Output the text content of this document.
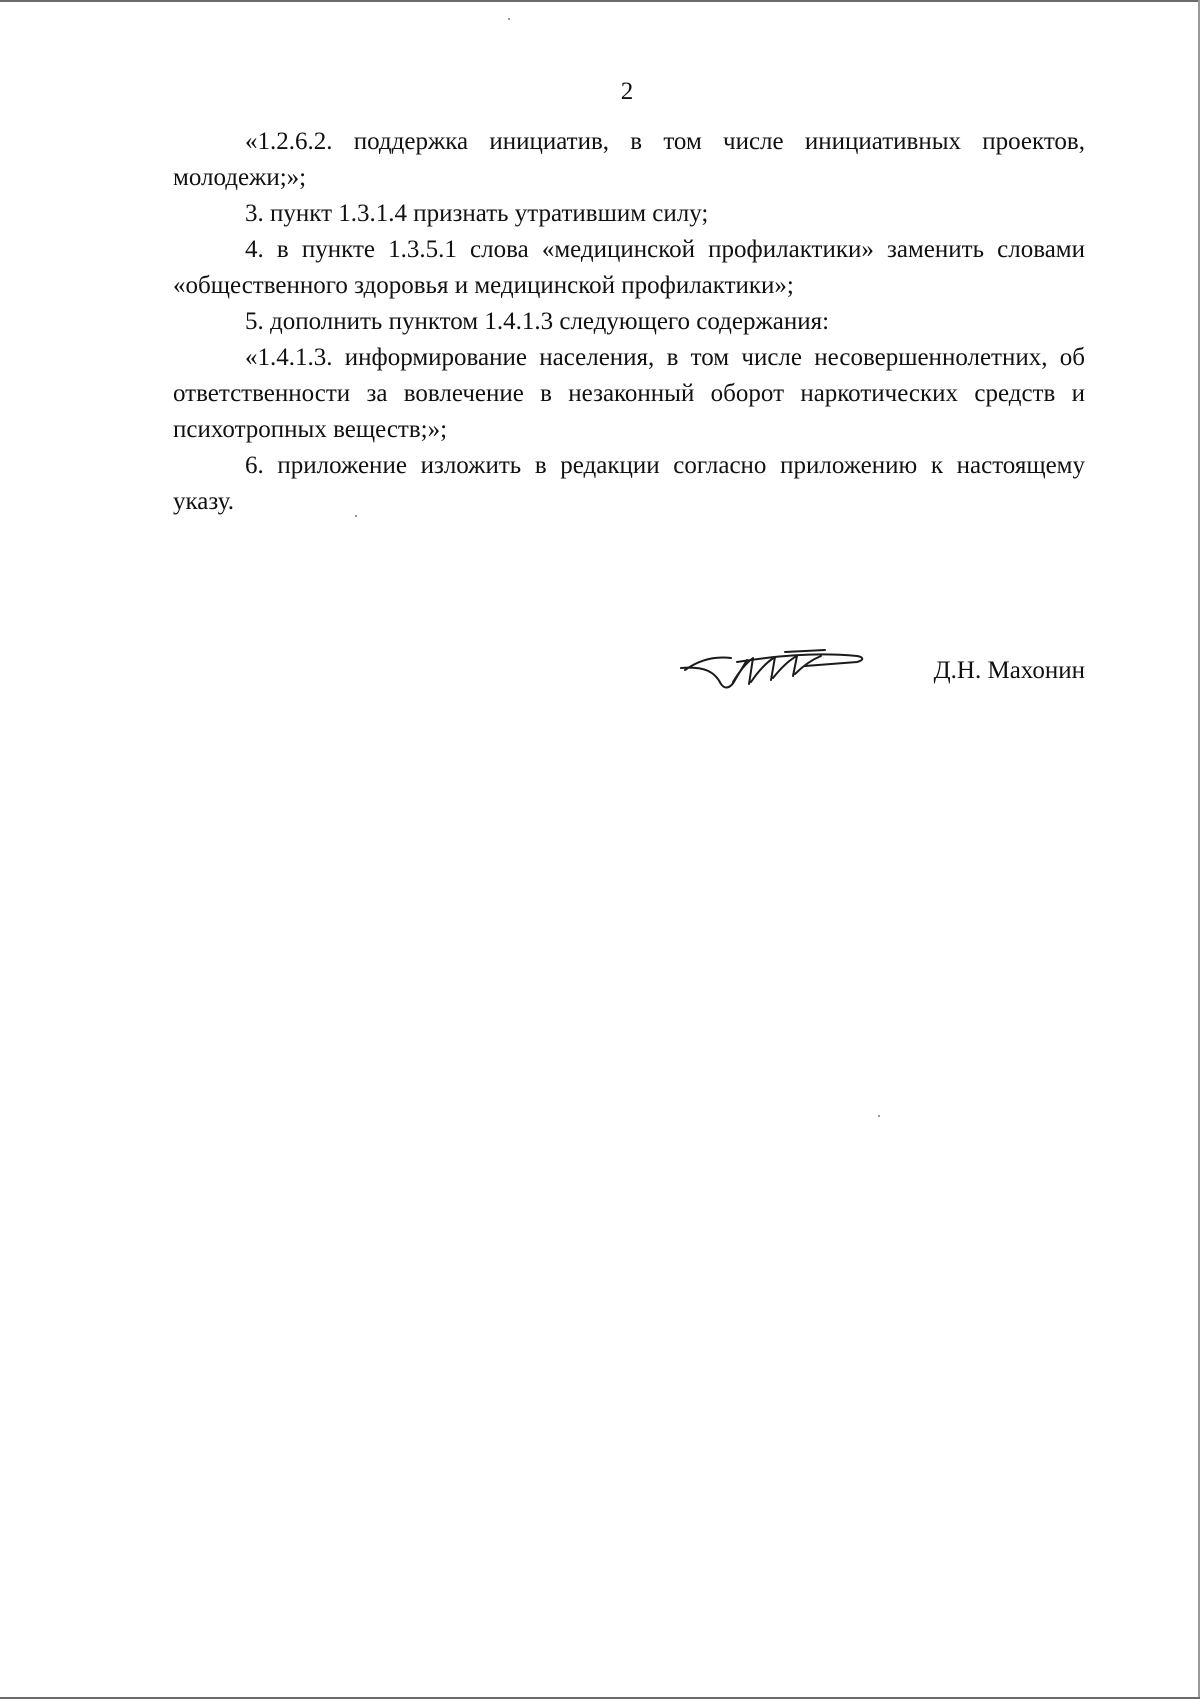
2

«1.2.6.2. поддержка инициатив, в том числе инициативных проектов, молодежи;»;

3. пункт 1.3.1.4 признать утратившим силу;

4. в пункте 1.3.5.1 слова «медицинской профилактики» заменить словами «общественного здоровья и медицинской профилактики»;

5. дополнить пунктом 1.4.1.3 следующего содержания:

«1.4.1.3. информирование населения, в том числе несовершеннолетних, об ответственности за вовлечение в незаконный оборот наркотических средств и психотропных веществ;»;

6. приложение изложить в редакции согласно приложению к настоящему указу.

Д.Н. Махонин
